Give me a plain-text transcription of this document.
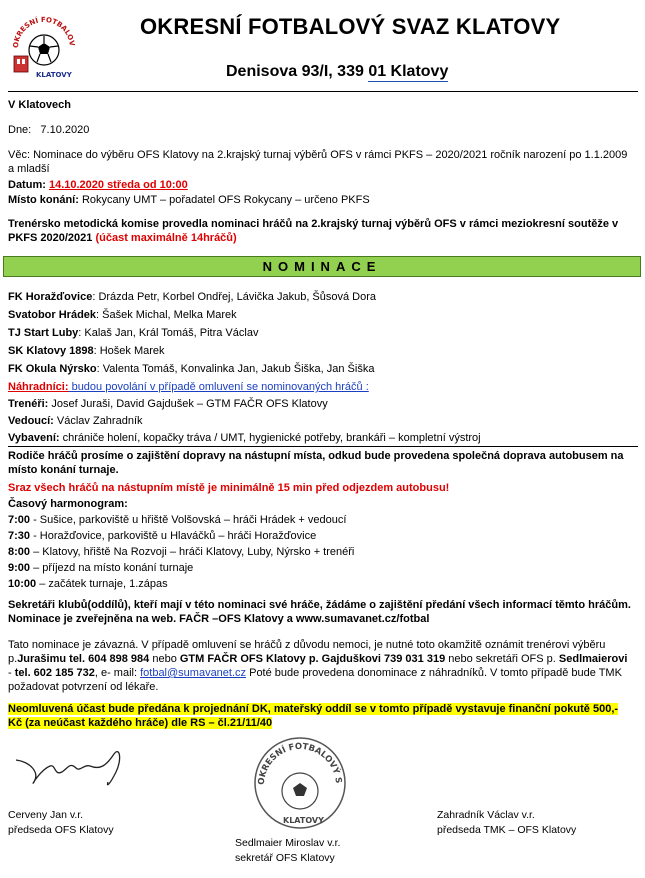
OKRESNÍ FOTBALOV
KLATOVY
OKRESNÍ FOTBALOVÝ SVAZ KLATOVY
Denisova 93/I, 339 01 Klatovy
V Klatovech
Dne: 7.10.2020
Věc: Nominace do výběru OFS Klatovy na 2.krajský turnaj výběrů OFS v rámci PKFS – 2020/2021 ročník narození po 1.1.2009 a mladší
Datum: 14.10.2020 středa od 10:00
Místo konání: Rokycany UMT – pořadatel OFS Rokycany – určeno PKFS
Trenérsko metodická komise provedla nominaci hráčů na 2.krajský turnaj výběrů OFS v rámci meziokresní soutěže v PKFS 2020/2021 (účast maximálně 14hráčů)
NOMINACE
FK Horažďovice: Drázda Petr, Korbel Ondřej, Lávička Jakub, Šůsová Dora
Svatobor Hrádek: Šašek Michal, Melka Marek
TJ Start Luby: Kalaš Jan, Král Tomáš, Pitra Václav
SK Klatovy 1898: Hošek Marek
FK Okula Nýrsko: Valenta Tomáš, Konvalinka Jan, Jakub Šiška, Jan Šiška
Náhradníci: budou povolání v případě omluvení se nominovaných hráčů :
Trenéři: Josef Juraši, David Gajdušek – GTM FAČR OFS Klatovy
Vedoucí: Václav Zahradník
Vybavení: chrániče holení, kopačky tráva / UMT, hygienické potřeby, brankáři – kompletní výstroj
Rodiče hráčů prosíme o zajištění dopravy na nástupní místa, odkud bude provedena společná doprava autobusem na místo konání turnaje.
Sraz všech hráčů na nástupním místě je minimálně 15 min před odjezdem autobusu!
Časový harmonogram:
7:00 - Sušice, parkoviště u hřiště Volšovská – hráči Hrádek + vedoucí
7:30 - Horažďovice, parkoviště u Hlaváčků – hráči Horažďovice
8:00 – Klatovy, hřiště Na Rozvoji – hráči Klatovy, Luby, Nýrsko + trenéři
9:00 – příjezd na místo konání turnaje
10:00 – začátek turnaje, 1.zápas
Sekretáři klubů(oddílů), kteří mají v této nominaci své hráče, žádáme o zajištění předání všech informací těmto hráčům. Nominace je zveřejněna na web. FAČR –OFS Klatovy a www.sumavanet.cz/fotbal
Tato nominace je závazná. V případě omluvení se hráčů z důvodu nemoci, je nutné toto okamžitě oznámit trenérovi výběru p.Jurašimu tel. 604 898 984 nebo GTM FAČR OFS Klatovy p. Gajduškovi 739 031 319 nebo sekretáři OFS p. Sedlmaierovi - tel. 602 185 732, e- mail: fotbal@sumavanet.cz Poté bude provedena donominace z náhradníků. V tomto případě bude TMK požadovat potvrzení od lékaře.
Neomluvená účast bude předána k projednání DK, mateřský oddíl se v tomto případě vystavuje finanční pokutě 500,- Kč (za neúčast každého hráče) dle RS – čl.21/11/40
OKRESNÍ FOTBALOVÝ S
KLATOVY
Cerveny Jan v.r.
předseda OFS Klatovy
Zahradník Václav v.r.
předseda TMK – OFS Klatovy
Sedlmaier Miroslav v.r.
sekretář OFS Klatovy
